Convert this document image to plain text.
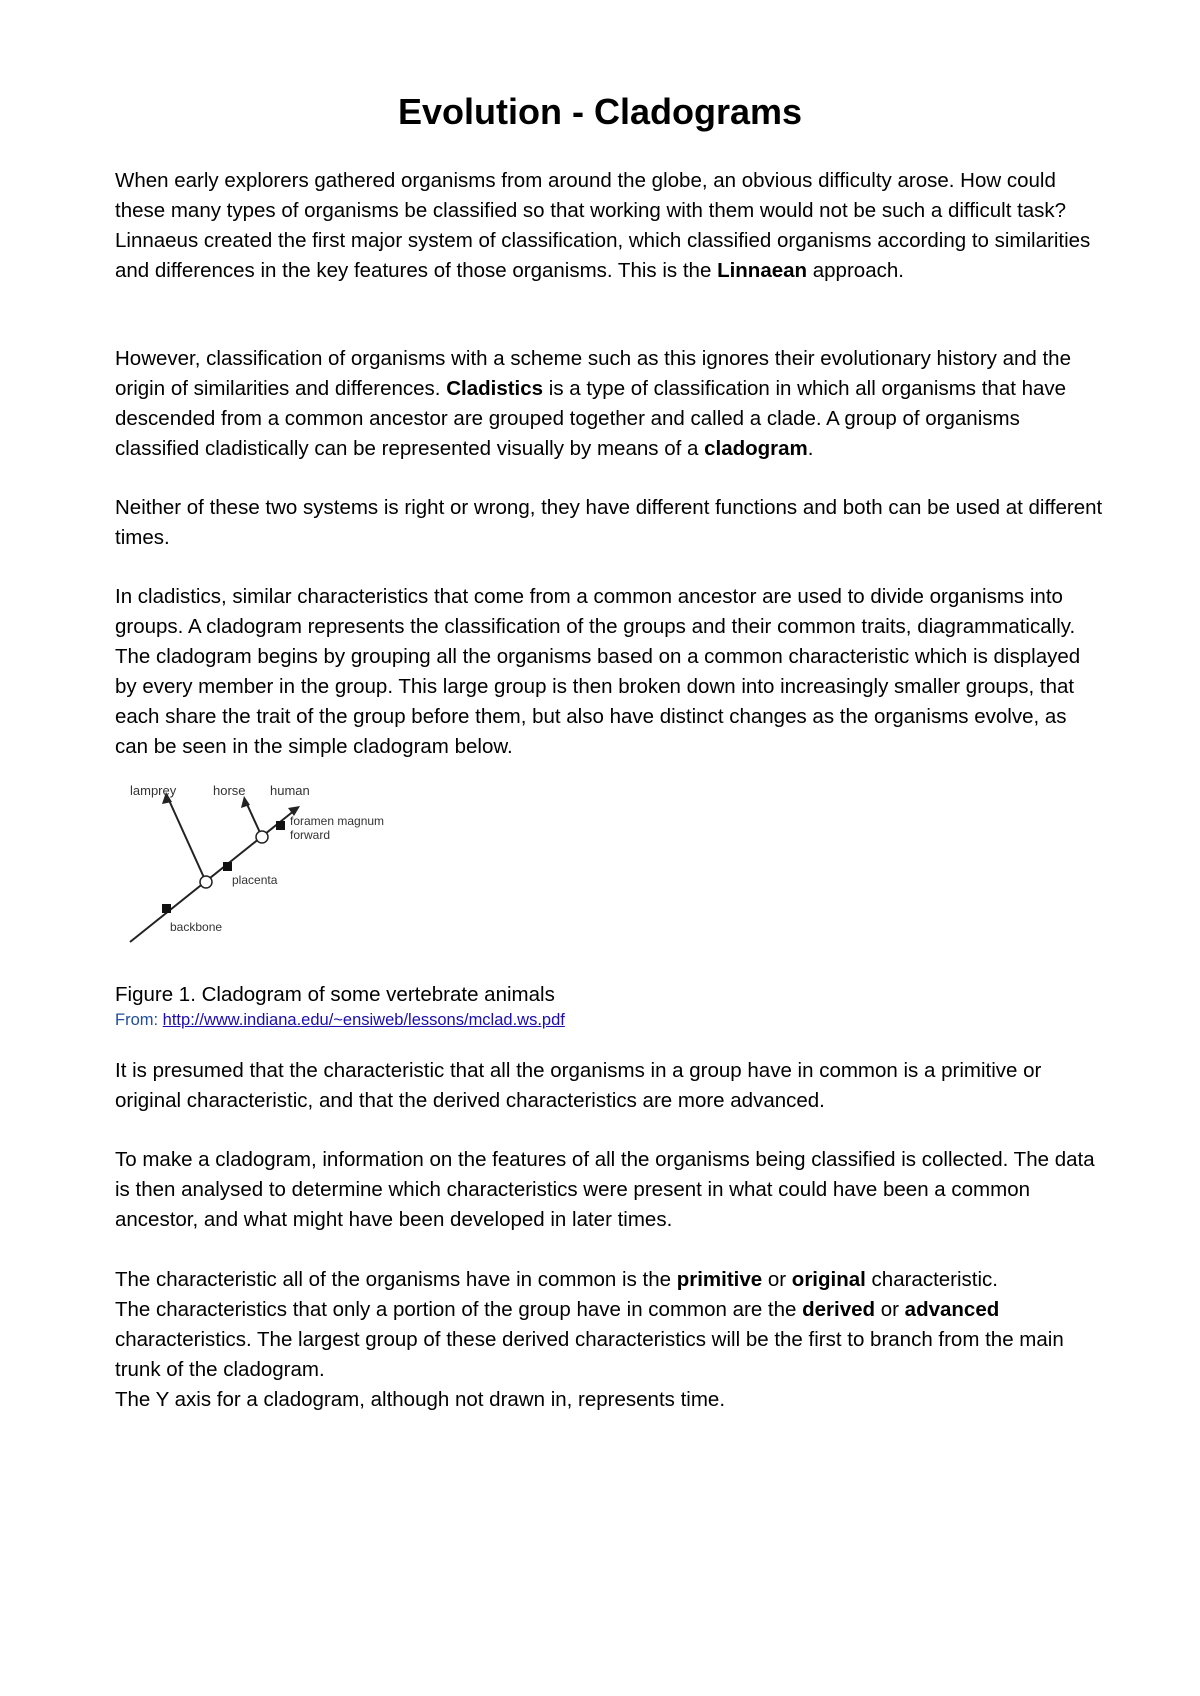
Evolution - Cladograms

When early explorers gathered organisms from around the globe, an obvious difficulty arose. How could these many types of organisms be classified so that working with them would not be such a difficult task? Linnaeus created the first major system of classification, which classified organisms according to similarities and differences in the key features of those organisms. This is the Linnaean approach.

However, classification of organisms with a scheme such as this ignores their evolutionary history and the origin of similarities and differences. Cladistics is a type of classification in which all organisms that have descended from a common ancestor are grouped together and called a clade. A group of organisms classified cladistically can be represented visually by means of a cladogram.

Neither of these two systems is right or wrong, they have different functions and both can be used at different times.

In cladistics, similar characteristics that come from a common ancestor are used to divide organisms into groups. A cladogram represents the classification of the groups and their common traits, diagrammatically. The cladogram begins by grouping all the organisms based on a common characteristic which is displayed by every member in the group. This large group is then broken down into increasingly smaller groups, that each share the trait of the group before them, but also have distinct changes as the organisms evolve, as can be seen in the simple cladogram below.

lamprey	horse human
backbone
placenta
foramen magnum
forward
Figure 1. Cladogram of some vertebrate animals
From: http://www.indiana.edu/~ensiweb/lessons/mclad.ws.pdf

It is presumed that the characteristic that all the organisms in a group have in common is a primitive or original characteristic, and that the derived characteristics are more advanced.

To make a cladogram, information on the features of all the organisms being classified is collected. The data is then analysed to determine which characteristics were present in what could have been a common ancestor, and what might have been developed in later times.

The characteristic all of the organisms have in common is the primitive or original characteristic.
The characteristics that only a portion of the group have in common are the derived or advanced characteristics. The largest group of these derived characteristics will be the first to branch from the main trunk of the cladogram.
The Y axis for a cladogram, although not drawn in, represents time.
